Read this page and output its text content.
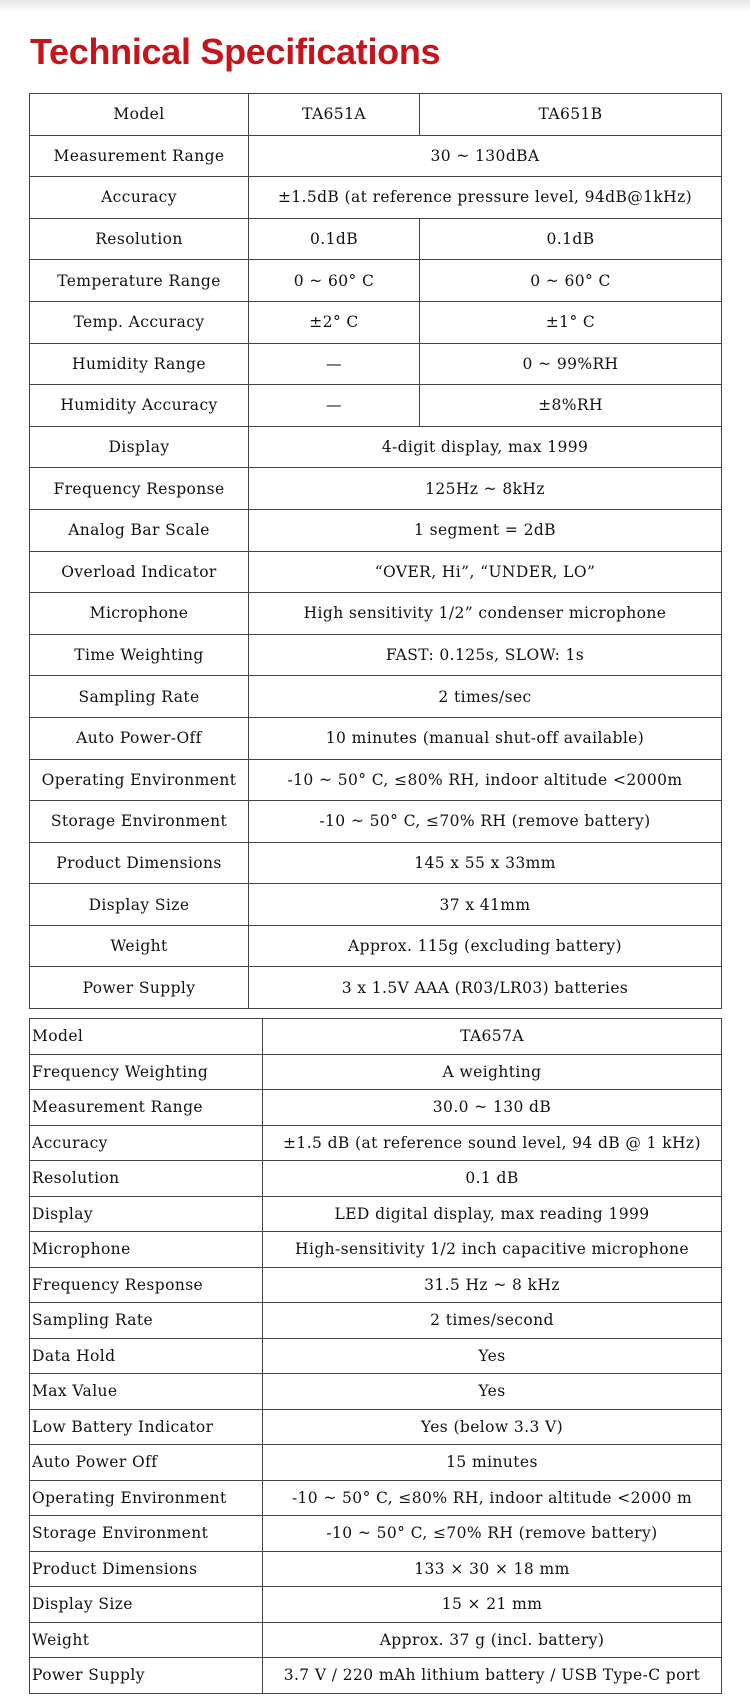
Technical Specifications
Model	TA651A	TA651B
Measurement Range	30 ~ 130dBA	
Accuracy	±1.5dB (at reference pressure level, 94dB@1kHz)	
Resolution	0.1dB	0.1dB
Temperature Range	0 ~ 60° C	0 ~ 60° C
Temp. Accuracy	±2° C	±1° C
Humidity Range	—	0 ~ 99%RH
Humidity Accuracy	—	±8%RH
Display	4-digit display, max 1999	
Frequency Response	125Hz ~ 8kHz	
Analog Bar Scale	1 segment = 2dB	
Overload Indicator	“OVER, Hi”, “UNDER, LO”	
Microphone	High sensitivity 1/2” condenser microphone	
Time Weighting	FAST: 0.125s, SLOW: 1s	
Sampling Rate	2 times/sec	
Auto Power-Off	10 minutes (manual shut-off available)	
Operating Environment	-10 ~ 50° C, ≤80% RH, indoor altitude <2000m	
Storage Environment	-10 ~ 50° C, ≤70% RH (remove battery)	
Product Dimensions	145 x 55 x 33mm	
Display Size	37 x 41mm	
Weight	Approx. 115g (excluding battery)	
Power Supply	3 x 1.5V AAA (R03/LR03) batteries	
Model	TA657A
Frequency Weighting	A weighting
Measurement Range	30.0 ~ 130 dB
Accuracy	±1.5 dB (at reference sound level, 94 dB @ 1 kHz)
Resolution	0.1 dB
Display	LED digital display, max reading 1999
Microphone	High-sensitivity 1/2 inch capacitive microphone
Frequency Response	31.5 Hz ~ 8 kHz
Sampling Rate	2 times/second
Data Hold	Yes
Max Value	Yes
Low Battery Indicator	Yes (below 3.3 V)
Auto Power Off	15 minutes
Operating Environment	-10 ~ 50° C, ≤80% RH, indoor altitude <2000 m
Storage Environment	-10 ~ 50° C, ≤70% RH (remove battery)
Product Dimensions	133 × 30 × 18 mm
Display Size	15 × 21 mm
Weight	Approx. 37 g (incl. battery)
Power Supply	3.7 V / 220 mAh lithium battery / USB Type-C port
